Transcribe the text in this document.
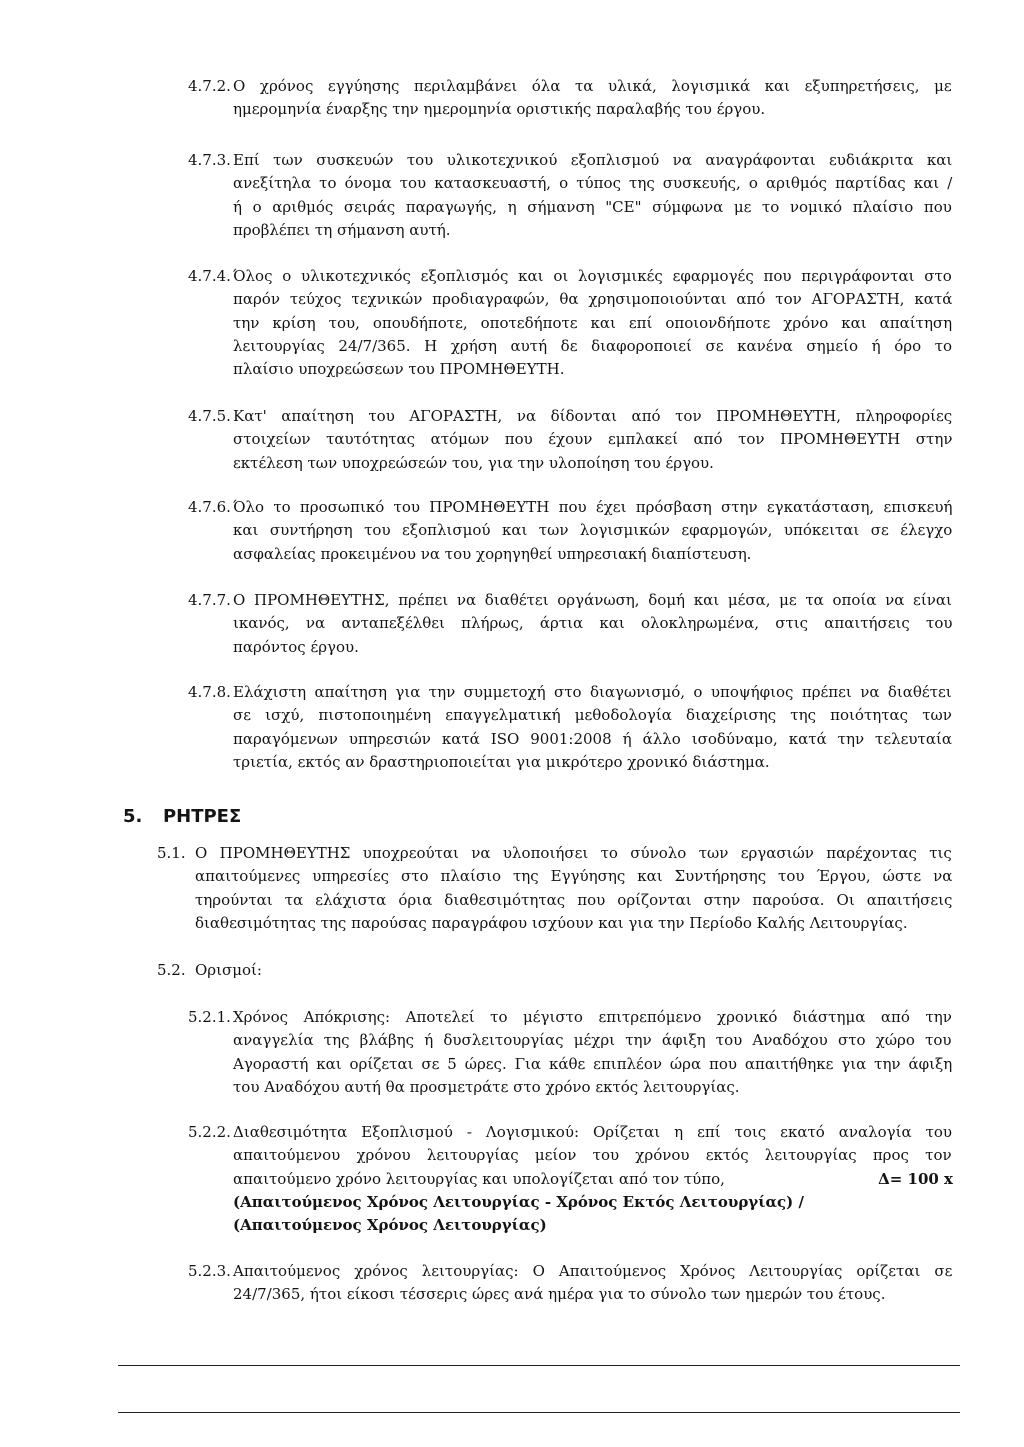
4.7.2. Ο χρόνος εγγύησης περιλαμβάνει όλα τα υλικά, λογισμικά και εξυπηρετήσεις, με
ημερομηνία έναρξης την ημερομηνία οριστικής παραλαβής του έργου.
4.7.3. Επί των συσκευών του υλικοτεχνικού εξοπλισμού να αναγράφονται ευδιάκριτα και
ανεξίτηλα το όνομα του κατασκευαστή, ο τύπος της συσκευής, ο αριθμός παρτίδας και /
ή ο αριθμός σειράς παραγωγής, η σήμανση "CE" σύμφωνα με το νομικό πλαίσιο που
προβλέπει τη σήμανση αυτή.
4.7.4. Όλος ο υλικοτεχνικός εξοπλισμός και οι λογισμικές εφαρμογές που περιγράφονται στο
παρόν τεύχος τεχνικών προδιαγραφών, θα χρησιμοποιούνται από τον ΑΓΟΡΑΣΤΗ, κατά
την κρίση του, οπουδήποτε, οποτεδήποτε και επί οποιονδήποτε χρόνο και απαίτηση
λειτουργίας 24/7/365. Η χρήση αυτή δε διαφοροποιεί σε κανένα σημείο ή όρο το
πλαίσιο υποχρεώσεων του ΠΡΟΜΗΘΕΥΤΗ.
4.7.5. Κατ' απαίτηση του ΑΓΟΡΑΣΤΗ, να δίδονται από τον ΠΡΟΜΗΘΕΥΤΗ, πληροφορίες
στοιχείων ταυτότητας ατόμων που έχουν εμπλακεί από τον ΠΡΟΜΗΘΕΥΤΗ στην
εκτέλεση των υποχρεώσεών του, για την υλοποίηση του έργου.
4.7.6. Όλο το προσωπικό του ΠΡΟΜΗΘΕΥΤΗ που έχει πρόσβαση στην εγκατάσταση, επισκευή
και συντήρηση του εξοπλισμού και των λογισμικών εφαρμογών, υπόκειται σε έλεγχο
ασφαλείας προκειμένου να του χορηγηθεί υπηρεσιακή διαπίστευση.
4.7.7. Ο ΠΡΟΜΗΘΕΥΤΗΣ, πρέπει να διαθέτει οργάνωση, δομή και μέσα, με τα οποία να είναι
ικανός, να ανταπεξέλθει πλήρως, άρτια και ολοκληρωμένα, στις απαιτήσεις του
παρόντος έργου.
4.7.8. Ελάχιστη απαίτηση για την συμμετοχή στο διαγωνισμό, ο υποψήφιος πρέπει να διαθέτει
σε ισχύ, πιστοποιημένη επαγγελματική μεθοδολογία διαχείρισης της ποιότητας των
παραγόμενων υπηρεσιών κατά ISO 9001:2008 ή άλλο ισοδύναμο, κατά την τελευταία
τριετία, εκτός αν δραστηριοποιείται για μικρότερο χρονικό διάστημα.
5.1. Ο ΠΡΟΜΗΘΕΥΤΗΣ υποχρεούται να υλοποιήσει το σύνολο των εργασιών παρέχοντας τις
απαιτούμενες υπηρεσίες στο πλαίσιο της Εγγύησης και Συντήρησης του Έργου, ώστε να
τηρούνται τα ελάχιστα όρια διαθεσιμότητας που ορίζονται στην παρούσα. Οι απαιτήσεις
διαθεσιμότητας της παρούσας παραγράφου ισχύουν και για την Περίοδο Καλής Λειτουργίας.
5.2. Ορισμοί:
5.2.1. Χρόνος Απόκρισης: Αποτελεί το μέγιστο επιτρεπόμενο χρονικό διάστημα από την
αναγγελία της βλάβης ή δυσλειτουργίας μέχρι την άφιξη του Αναδόχου στο χώρο του
Αγοραστή και ορίζεται σε 5 ώρες. Για κάθε επιπλέον ώρα που απαιτήθηκε για την άφιξη
του Αναδόχου αυτή θα προσμετράτε στο χρόνο εκτός λειτουργίας.
5.2.2. Διαθεσιμότητα Εξοπλισμού - Λογισμικού: Ορίζεται η επί τοις εκατό αναλογία του
απαιτούμενου χρόνου λειτουργίας μείον του χρόνου εκτός λειτουργίας προς τον
απαιτούμενο χρόνο λειτουργίας και υπολογίζεται από τον τύπο,	Δ= 100 x
(Απαιτούμενος Χρόνος Λειτουργίας - Χρόνος Εκτός Λειτουργίας) /
(Απαιτούμενος Χρόνος Λειτουργίας)
5.2.3. Απαιτούμενος χρόνος λειτουργίας: Ο Απαιτούμενος Χρόνος Λειτουργίας ορίζεται σε
24/7/365, ήτοι είκοσι τέσσερις ώρες ανά ημέρα για το σύνολο των ημερών του έτους.
5. ΡΗΤΡΕΣ
